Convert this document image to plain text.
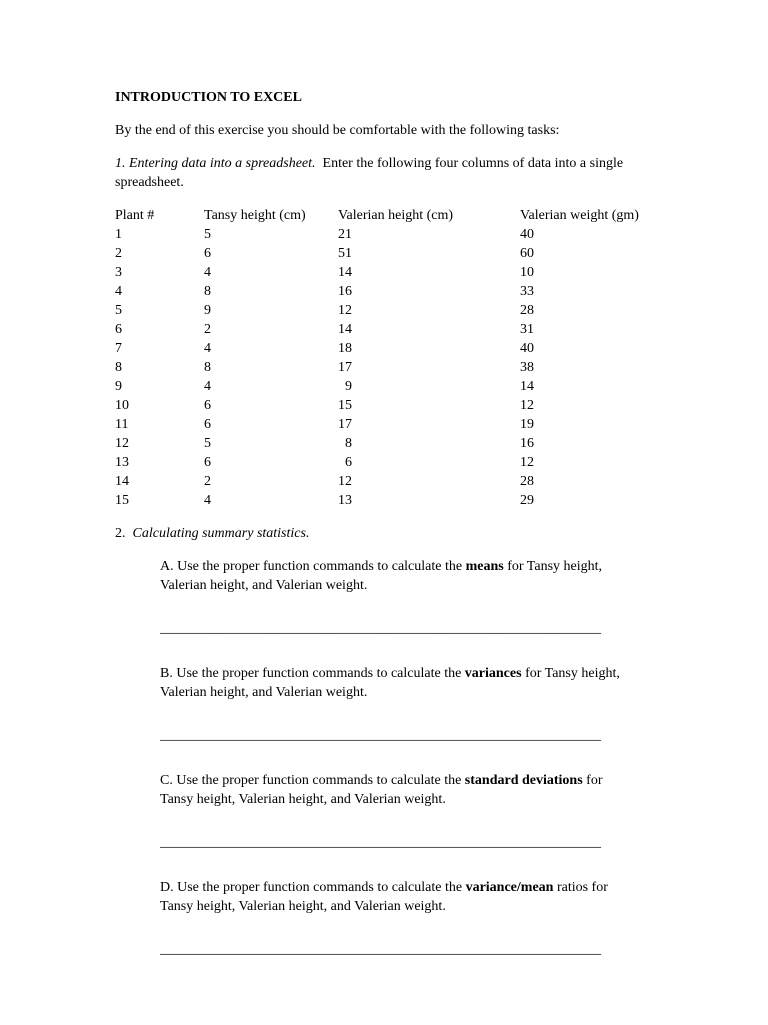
INTRODUCTION TO EXCEL

By the end of this exercise you should be comfortable with the following tasks:

1. Entering data into a spreadsheet.  Enter the following four columns of data into a single spreadsheet.

Plant #	Tansy height (cm)	Valerian height (cm)	Valerian weight (gm)
1	5	21	40
2	6	51	60
3	4	14	10
4	8	16	33
5	9	12	28
6	2	14	31
7	4	18	40
8	8	17	38
9	4	9	14
10	6	15	12
11	6	17	19
12	5	8	16
13	6	6	12
14	2	12	28
15	4	13	29

2.  Calculating summary statistics.

A. Use the proper function commands to calculate the means for Tansy height, Valerian height, and Valerian weight.

_______________________________________________________________

B. Use the proper function commands to calculate the variances for Tansy height, Valerian height, and Valerian weight.

_______________________________________________________________

C. Use the proper function commands to calculate the standard deviations for Tansy height, Valerian height, and Valerian weight.

_______________________________________________________________

D. Use the proper function commands to calculate the variance/mean ratios for Tansy height, Valerian height, and Valerian weight.

_______________________________________________________________
